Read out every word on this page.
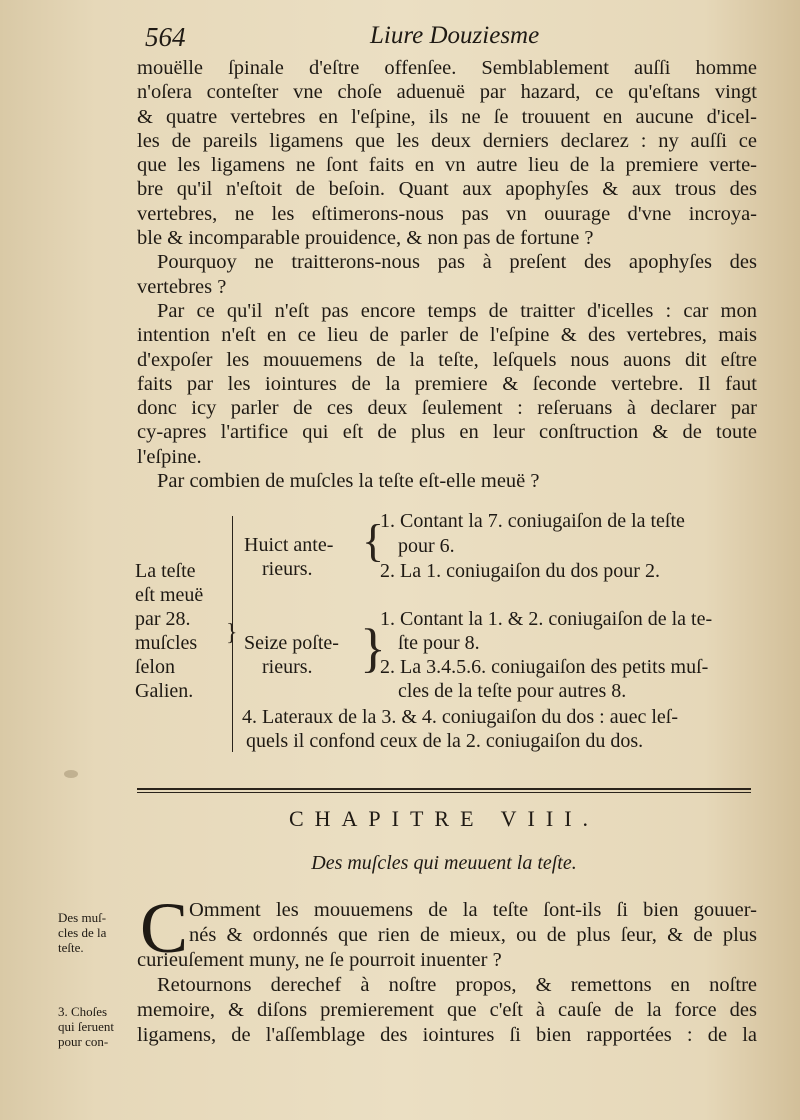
564	Liure Douziesme

mouëlle ſpinale d'eſtre offenſee. Semblablement auſſi homme
n'oſera conteſter vne choſe aduenuë par hazard, ce qu'eſtans vingt
& quatre vertebres en l'eſpine, ils ne ſe trouuent en aucune d'icel-
les de pareils ligamens que les deux derniers declarez : ny auſſi ce
que les ligamens ne ſont faits en vn autre lieu de la premiere verte-
bre qu'il n'eſtoit de beſoin. Quant aux apophyſes & aux trous des
vertebres, ne les eſtimerons-nous pas vn ouurage d'vne incroya-
ble & incomparable prouidence, & non pas de fortune ?

Pourquoy ne traitterons-nous pas à preſent des apophyſes des
vertebres ?

Par ce qu'il n'eſt pas encore temps de traitter d'icelles : car mon
intention n'eſt en ce lieu de parler de l'eſpine & des vertebres, mais
d'expoſer les mouuemens de la teſte, leſquels nous auons dit eſtre
faits par les iointures de la premiere & ſeconde vertebre. Il faut
donc icy parler de ces deux ſeulement : reſeruans à declarer par
cy-apres l'artifice qui eſt de plus en leur conſtruction & de toute
l'eſpine.

Par combien de muſcles la teſte eſt-elle meuë ?

La teſte
eſt meuë
par 28.
muſcles
ſelon
Galien.
}
Huict ante-
rieurs.
{
1. Contant la 7. coniugaiſon de la teſte
pour 6.
2. La 1. coniugaiſon du dos pour 2.
Seize poſte-
rieurs. }
1. Contant la 1. & 2. coniugaiſon de la te-
ſte pour 8.
2. La 3.4.5.6. coniugaiſon des petits muſ-
cles de la teſte pour autres 8.
4. Lateraux de la 3. & 4. coniugaiſon du dos : auec leſ-
quels il confond ceux de la 2. coniugaiſon du dos.
CHAPITRE VIII.
Des muſcles qui meuuent la teſte.
C Omment les mouuemens de la teſte ſont-ils ſi bien gouuer-
nés & ordonnés que rien de mieux, ou de plus ſeur, & de plus
curieuſement muny, ne ſe pourroit inuenter ?
Retournons derechef à noſtre propos, & remettons en noſtre
memoire, & diſons premierement que c'eſt à cauſe de la force des
ligamens, de l'aſſemblage des iointures ſi bien rapportées : de la
Des muſ-
cles de la
teſte.
3. Choſes
qui ſeruent
pour con-
